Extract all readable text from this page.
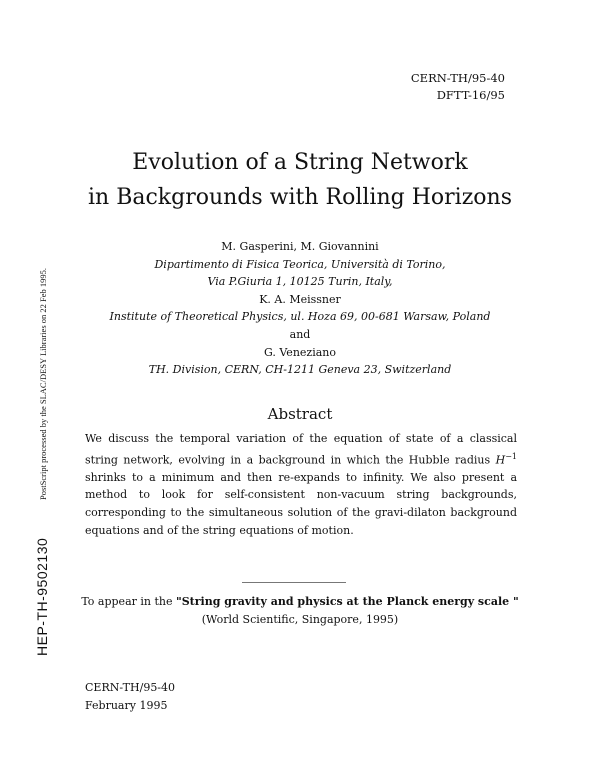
CERN-TH/95-40
DFTT-16/95
Evolution of a String Network
in Backgrounds with Rolling Horizons
M. Gasperini, M. Giovannini
Dipartimento di Fisica Teorica, Università di Torino,
Via P.Giuria 1, 10125 Turin, Italy,
K. A. Meissner
Institute of Theoretical Physics, ul. Hoza 69, 00-681 Warsaw, Poland
and
G. Veneziano
TH. Division, CERN, CH-1211 Geneva 23, Switzerland
Abstract
We discuss the temporal variation of the equation of state of a classical string network, evolving in a background in which the Hubble radius $H^{-1}$ shrinks to a minimum and then re-expands to infinity. We also present a method to look for self-consistent non-vacuum string backgrounds, corresponding to the simultaneous solution of the gravi-dilaton background equations and of the string equations of motion.
PostScript processed by the SLAC/DESY Libraries on 22 Feb 1995.
HEP-TH-9502130	To appear in the "String gravity and physics at the Planck energy scale "
(World Scientific, Singapore, 1995)
CERN-TH/95-40
February 1995
